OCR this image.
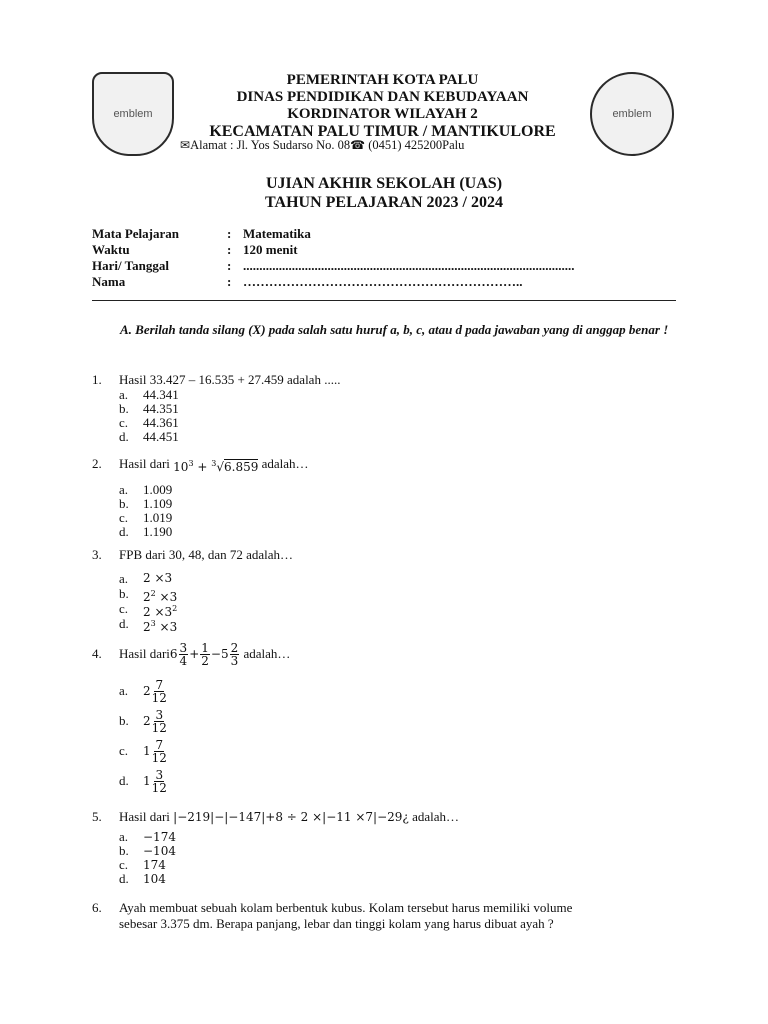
emblem	emblem
PEMERINTAH KOTA PALU
DINAS PENDIDIKAN DAN KEBUDAYAAN
KORDINATOR WILAYAH 2
KECAMATAN PALU TIMUR / MANTIKULORE
✉Alamat : Jl. Yos Sudarso No. 08☎ (0451) 425200Palu
UJIAN AKHIR SEKOLAH (UAS)
TAHUN PELAJARAN 2023 / 2024
Mata Pelajaran	: Matematika
Waktu	: 120 menit
Hari/ Tanggal	: ......................................................................................................
Nama	: ………………………………………………………..
A. Berilah tanda silang (X) pada salah satu huruf a, b, c, atau d pada jawaban yang di anggap benar !
1.	Hasil 33.427 – 16.535 + 27.459 adalah .....
a.	44.341
b.	44.351
c.	44.361
d.	44.451
2.	Hasil dari
$10^3 + ^3√6.859$
adalah…
a.	1.009
b.	1.109
c.	1.019
d.	1.190
3.	FPB dari 30, 48, dan 72 adalah…
a.	2 ×3
b.	$2^2 \times 3$
c.	$2 \times 3^2$
d.	$2^3 \times 3$
4.	Hasil dari $6 \frac{3}{4} + \frac{1}{2} -5 \frac{2}{3}$
adalah…
a.	$2 \frac{7}{12}$
b.	$2 \frac{3}{12}$
c.	$1 \frac{7}{12}$
d.	$1 \frac{3}{12}$
5.	Hasil dari
|−219|−|−147|+8 ÷ 2 ×|−11 ×7|−29¿
adalah…
a.	−174
b.	−104
c.	174
d.	104
6.	Ayah membuat sebuah kolam berbentuk kubus. Kolam tersebut harus memiliki volume
sebesar 3.375 dm. Berapa panjang, lebar dan tinggi kolam yang harus dibuat ayah ?
